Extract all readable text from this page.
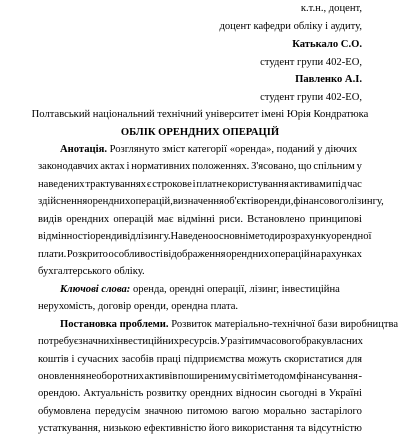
к.т.н., доцент,
доцент кафедри обліку і аудиту,
Катькало С.О.
студент групи 402-ЕО,
Павленко А.І.
студент групи 402-ЕО,
Полтавський національний технічний університет імені Юрія Кондратюка
ОБЛІК ОРЕНДНИХ ОПЕРАЦІЙ
Анотація. Розглянуто зміст категорії «оренда», поданий у діючих
законодавчих актах і нормативних положеннях. З'ясовано, що спільним у
наведених трактуваннях є строкове і платне користування активами під час
здійснення орендних операцій, визначення об'єктів оренди, фінансового лізингу,
видів орендних операцій має відмінні риси. Встановлено принципові
відмінності оренди від лізингу. Наведено основні методи розрахунку орендної
плати. Розкрито особливості відображення орендних операцій на рахунках
бухгалтерського обліку.
Ключові слова: оренда, орендні операції, лізинг, інвестиційна
нерухомість, договір оренди, орендна плата.
Постановка проблеми. Розвиток матеріально-технічної бази виробництва
потребує значних інвестиційних ресурсів. У разі тимчасового браку власних
коштів і сучасних засобів праці підприємства можуть скористатися для
оновлення необоротних активів поширеним у світі методом фінансування -
орендою. Актуальність розвитку орендних відносин сьогодні в Україні
обумовлена передусім значною питомою вагою морально застарілого
устаткування, низькою ефективністю його використання та відсутністю
